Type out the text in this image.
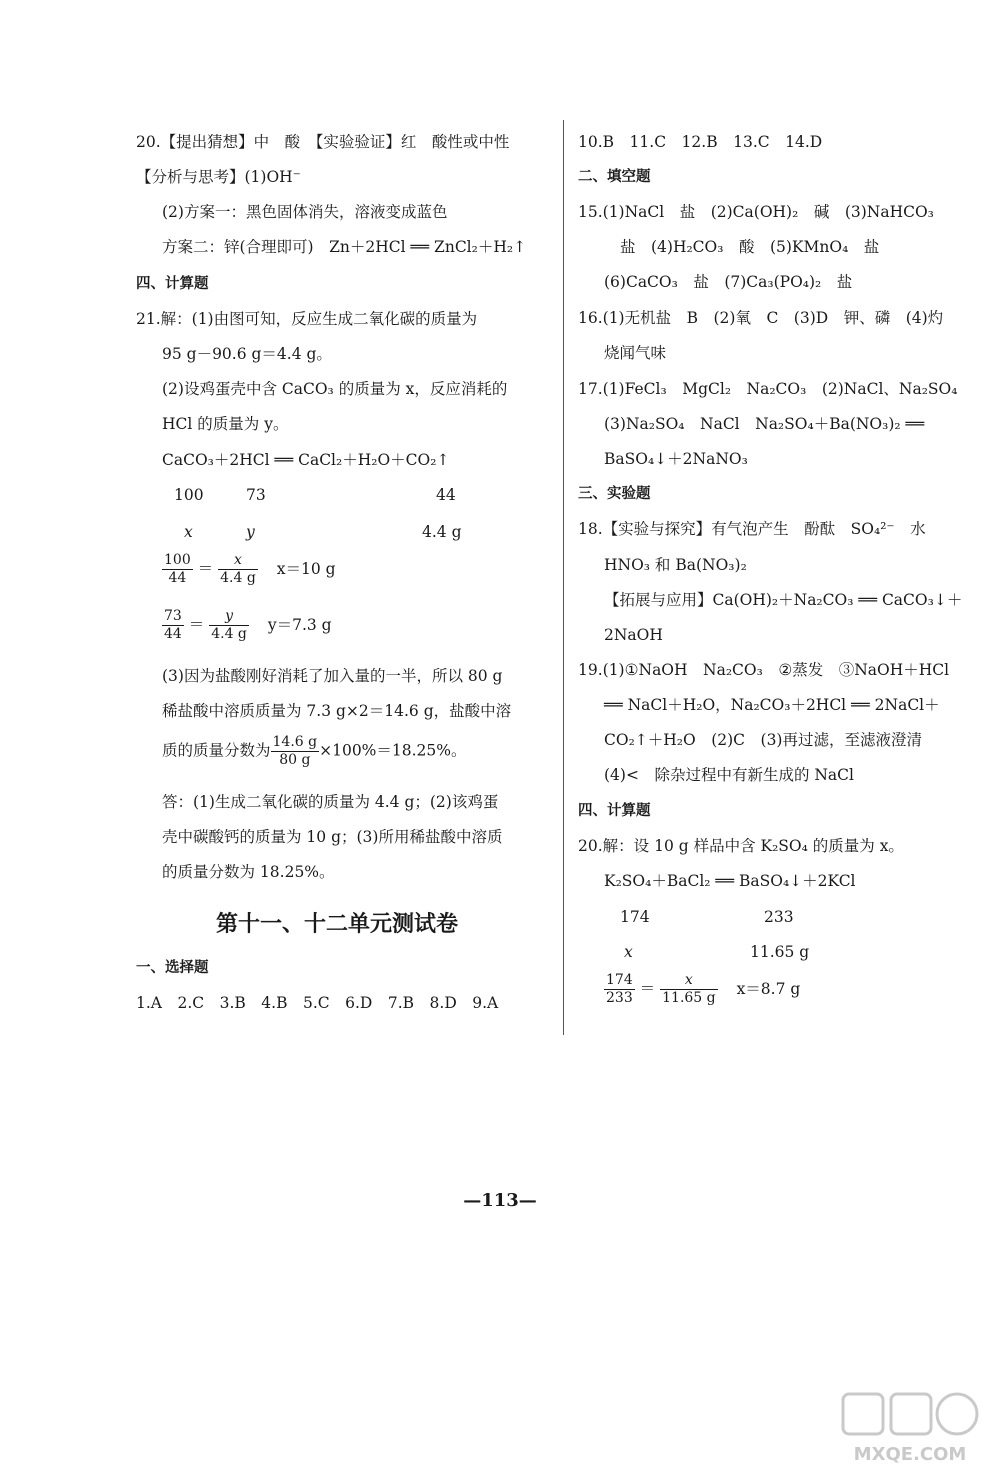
20.【提出猜想】中　酸　【实验验证】红　酸性或中性
【分析与思考】(1)OH⁻
(2)方案一：黑色固体消失，溶液变成蓝色
方案二：锌(合理即可)　Zn＋2HCl ══ ZnCl₂＋H₂↑
四、计算题
21.解：(1)由图可知，反应生成二氧化碳的质量为
95 g－90.6 g＝4.4 g。
(2)设鸡蛋壳中含 CaCO₃ 的质量为 x，反应消耗的
HCl 的质量为 y。
CaCO₃＋2HCl ══ CaCl₂＋H₂O＋CO₂↑
100	73	44
x	y	4.4 g
$\frac{100}{44} = \frac{x}{4.4 g} x=10$ g
$\frac{73}{44} = \frac{y}{4.4 g} y=7.3$ g
(3)因为盐酸刚好消耗了加入量的一半，所以 80 g
稀盐酸中溶质质量为 7.3 g×2＝14.6 g，盐酸中溶
质的质量分数为 $\frac{14.6 g}{80 g} \times 100\%=18.25\%$。
答：(1)生成二氧化碳的质量为 4.4 g；(2)该鸡蛋
壳中碳酸钙的质量为 10 g；(3)所用稀盐酸中溶质
的质量分数为 18.25%。
第十一、十二单元测试卷
一、选择题
1.A　2.C　3.B　4.B　5.C　6.D　7.B　8.D　9.A
10.B　11.C　12.B　13.C　14.D
二、填空题
15.(1)NaCl　盐　(2)Ca(OH)₂　碱　(3)NaHCO₃
盐　(4)H₂CO₃　酸　(5)KMnO₄　盐
(6)CaCO₃　盐　(7)Ca₃(PO₄)₂　盐
16.(1)无机盐　B　(2)氧　C　(3)D　钾、磷　(4)灼
烧闻气味
17.(1)FeCl₃　MgCl₂　Na₂CO₃　(2)NaCl、Na₂SO₄
(3)Na₂SO₄　NaCl　Na₂SO₄＋Ba(NO₃)₂ ══
BaSO₄↓＋2NaNO₃
三、实验题
18.【实验与探究】有气泡产生　酚酞　SO₄²⁻　水
HNO₃ 和 Ba(NO₃)₂
【拓展与应用】Ca(OH)₂＋Na₂CO₃ ══ CaCO₃↓＋
2NaOH
19.(1)①NaOH　Na₂CO₃　②蒸发　③NaOH＋HCl
══ NaCl＋H₂O，Na₂CO₃＋2HCl ══ 2NaCl＋
CO₂↑＋H₂O　(2)C　(3)再过滤，至滤液澄清
(4)<　除杂过程中有新生成的 NaCl
四、计算题
20.解：设 10 g 样品中含 K₂SO₄ 的质量为 x。
K₂SO₄＋BaCl₂ ══ BaSO₄↓＋2KCl
174	233
x	11.65 g
$\frac{174}{233} = \frac{x}{11.65 g} x=8.7$ g
—113—
MXQE.COM
